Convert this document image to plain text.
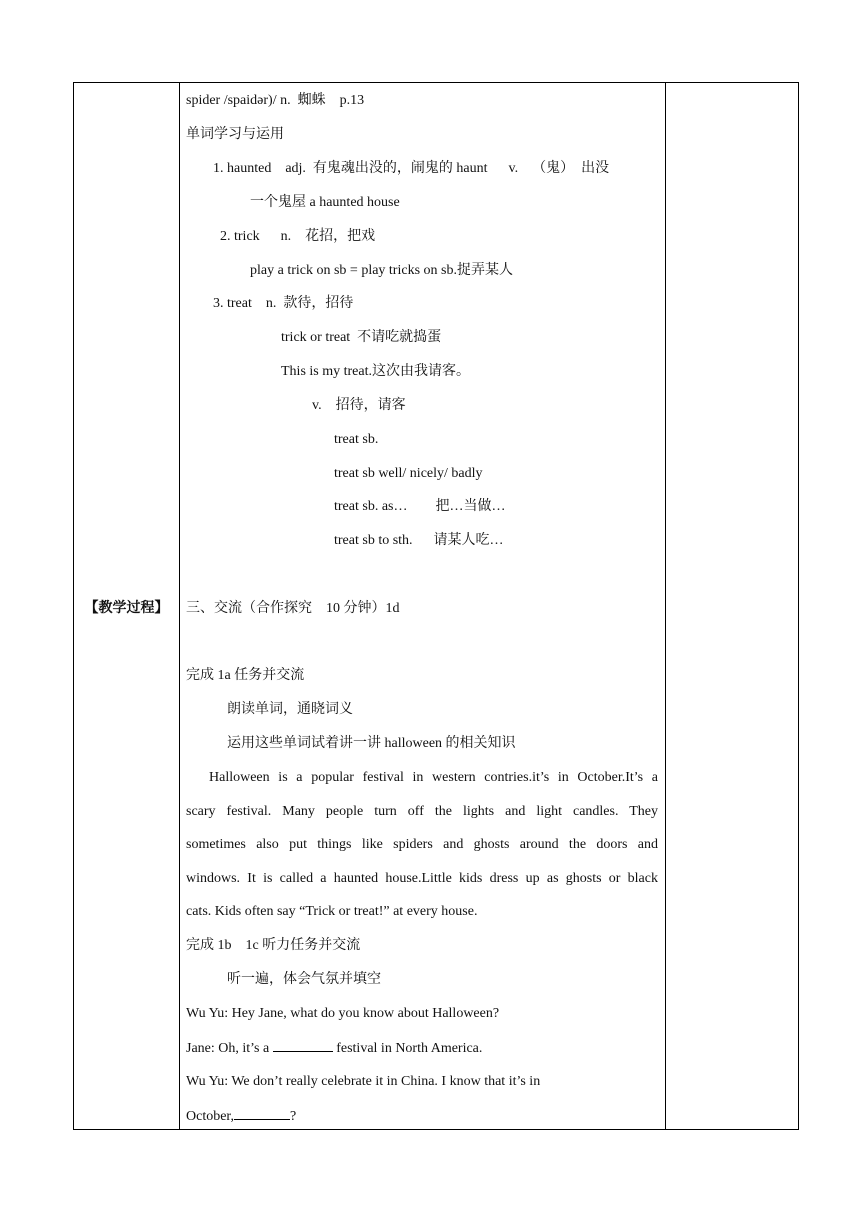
【教学过程】
spider /spaidər)/ n.  蜘蛛    p.13
单词学习与运用
1. haunted    adj.  有鬼魂出没的，闹鬼的 haunt      v.    （鬼）  出没
一个鬼屋 a haunted house
2. trick      n.    花招，把戏
play a trick on sb = play tricks on sb.捉弄某人
3. treat    n.  款待，招待
trick or treat  不请吃就捣蛋
This is my treat.这次由我请客。
v.    招待，请客
treat sb.
treat sb well/ nicely/ badly
treat sb. as…        把…当做…
treat sb to sth.      请某人吃…
三、交流（合作探究    10 分钟）1d
完成 1a 任务并交流
朗读单词，通晓词义
运用这些单词试着讲一讲 halloween 的相关知识
Halloween is a popular festival in western contries.it’s in October.It’s a
scary festival. Many people turn off the lights and light candles. They
sometimes also put things like spiders and ghosts around the doors and
windows. It is called a haunted house.Little kids dress up as ghosts or black
cats. Kids often say “Trick or treat!” at every house.
完成 1b    1c 听力任务并交流
听一遍，体会气氛并填空
Wu Yu: Hey Jane, what do you know about Halloween?
Jane: Oh, it’s a	festival in North America.
Wu Yu: We don’t really celebrate it in China. I know that it’s in
October,	?
